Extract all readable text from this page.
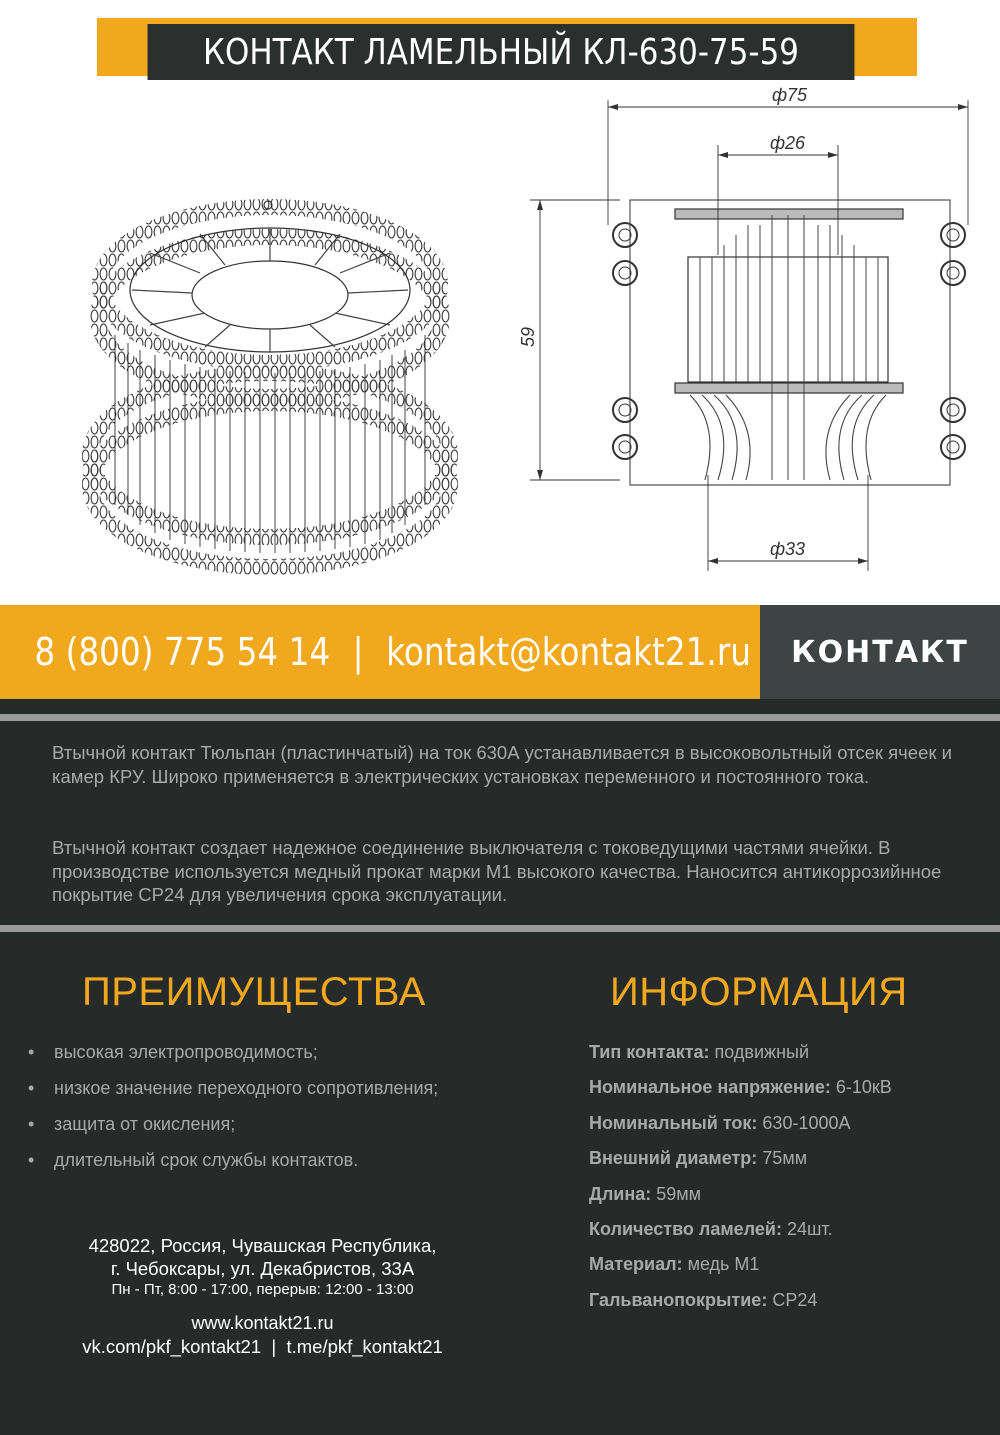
КОНТАКТ ЛАМЕЛЬНЫЙ КЛ-630-75-59
ф75
ф26
ф33
59
8 (800) 775 54 14 | kontakt@kontakt21.ru КОНТАКТ
Втычной контакт Тюльпан (пластинчатый) на ток 630А устанавливается в высоковольтный отсек ячеек и камер КРУ. Широко применяется в электрических установках переменного и постоянного тока.
Втычной контакт создает надежное соединение выключателя с токоведущими частями ячейки. В производстве используется медный прокат марки М1 высокого качества. Наносится антикоррозийнное покрытие СР24 для увеличения срока эксплуатации.
ПРЕИМУЩЕСТВА
•	высокая электропроводимость;
•	низкое значение переходного сопротивления;
•	защита от окисления;
•	длительный срок службы контактов.
ИНФОРМАЦИЯ
Тип контакта: подвижный
Номинальное напряжение: 6-10кВ
Номинальный ток: 630-1000А
Внешний диаметр: 75мм
Длина: 59мм
Количество ламелей: 24шт.
Материал: медь М1
Гальванопокрытие: СР24
428022, Россия, Чувашская Республика,
г. Чебоксары, ул. Декабристов, 33А
Пн - Пт, 8:00 - 17:00, перерыв: 12:00 - 13:00
www.kontakt21.ru
vk.com/pkf_kontakt21  |  t.me/pkf_kontakt21
